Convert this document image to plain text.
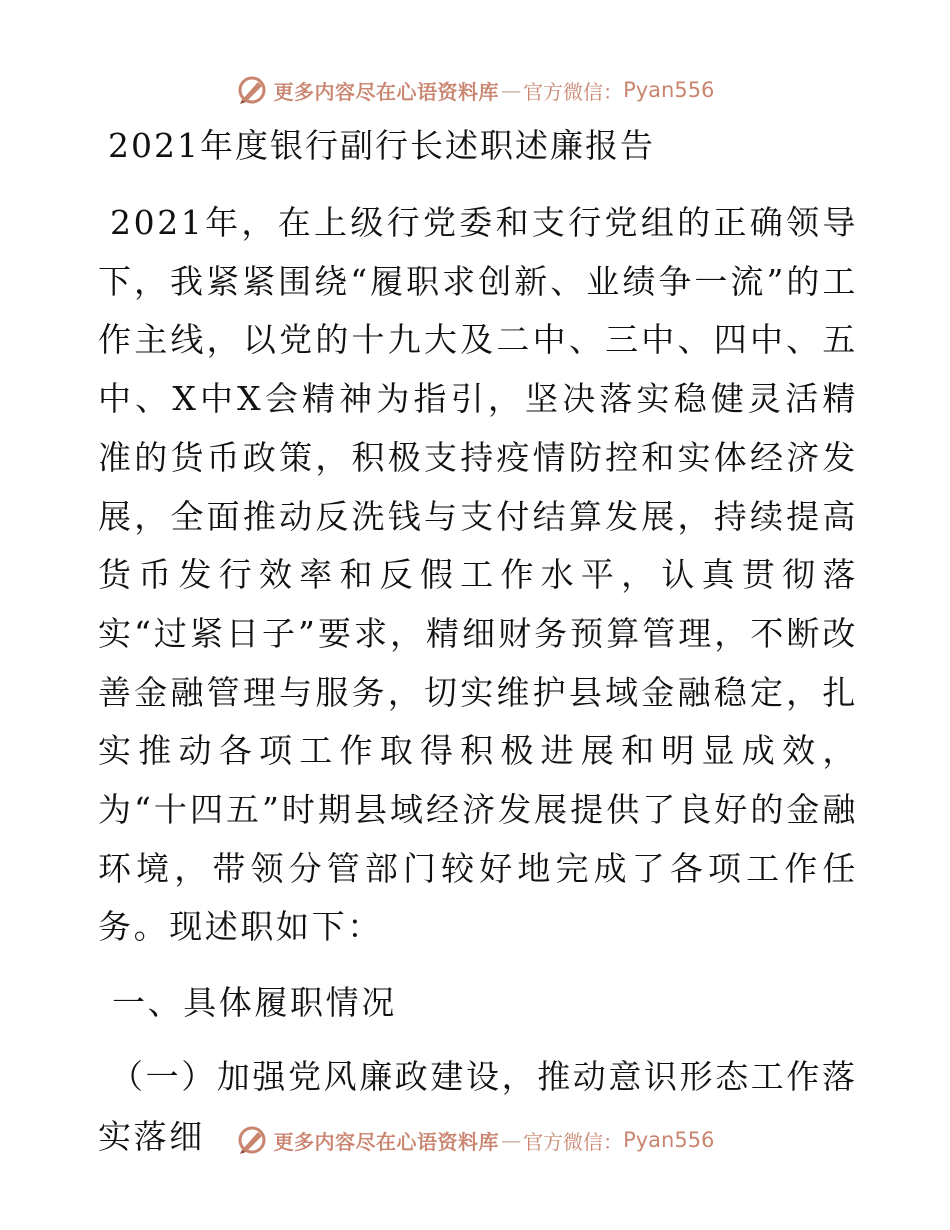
更多内容尽在心语资料库 — 官方微信： Pyan556
2021年度银行副行长述职述廉报告

2021年，在上级行党委和支行党组的正确领导下，我紧紧围绕“履职求创新、业绩争一流”的工作主线，以党的十九大及二中、三中、四中、五中、X中X会精神为指引，坚决落实稳健灵活精准的货币政策，积极支持疫情防控和实体经济发展，全面推动反洗钱与支付结算发展，持续提高货币发行效率和反假工作水平，认真贯彻落实“过紧日子”要求，精细财务预算管理，不断改善金融管理与服务，切实维护县域金融稳定，扎实推动各项工作取得积极进展和明显成效，为“十四五”时期县域经济发展提供了良好的金融环境，带领分管部门较好地完成了各项工作任务。现述职如下：

一、具体履职情况

（一）加强党风廉政建设，推动意识形态工作落实落细	更多内容尽在心语资料库 — 官方微信： Pyan556
